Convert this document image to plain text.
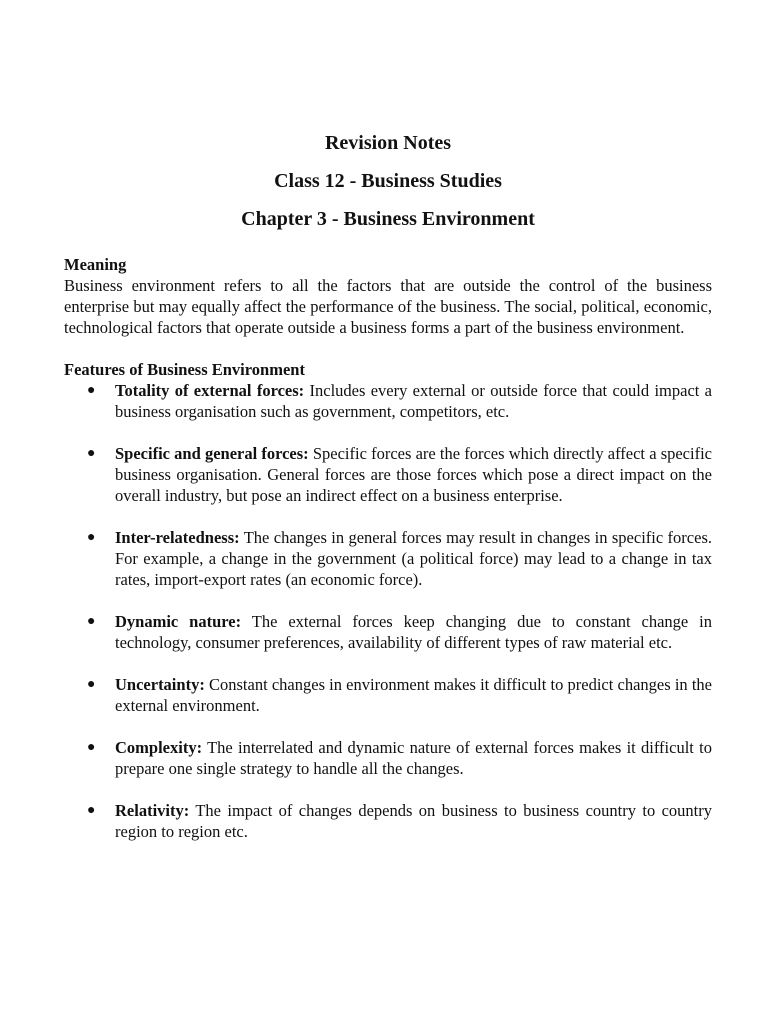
Revision Notes
Class 12 - Business Studies
Chapter 3 - Business Environment
Meaning

Business environment refers to all the factors that are outside the control of the business enterprise but may equally affect the performance of the business. The social, political, economic, technological factors that operate outside a business forms a part of the business environment.

Features of Business Environment
● Totality of external forces: Includes every external or outside force that could impact a business organisation such as government, competitors, etc.
● Specific and general forces: Specific forces are the forces which directly affect a specific business organisation. General forces are those forces which pose a direct impact on the overall industry, but pose an indirect effect on a business enterprise.
● Inter-relatedness: The changes in general forces may result in changes in specific forces. For example, a change in the government (a political force) may lead to a change in tax rates, import-export rates (an economic force).
● Dynamic nature: The external forces keep changing due to constant change in technology, consumer preferences, availability of different types of raw material etc.
● Uncertainty: Constant changes in environment makes it difficult to predict changes in the external environment.
● Complexity: The interrelated and dynamic nature of external forces makes it difficult to prepare one single strategy to handle all the changes.
● Relativity: The impact of changes depends on business to business country to country region to region etc.
